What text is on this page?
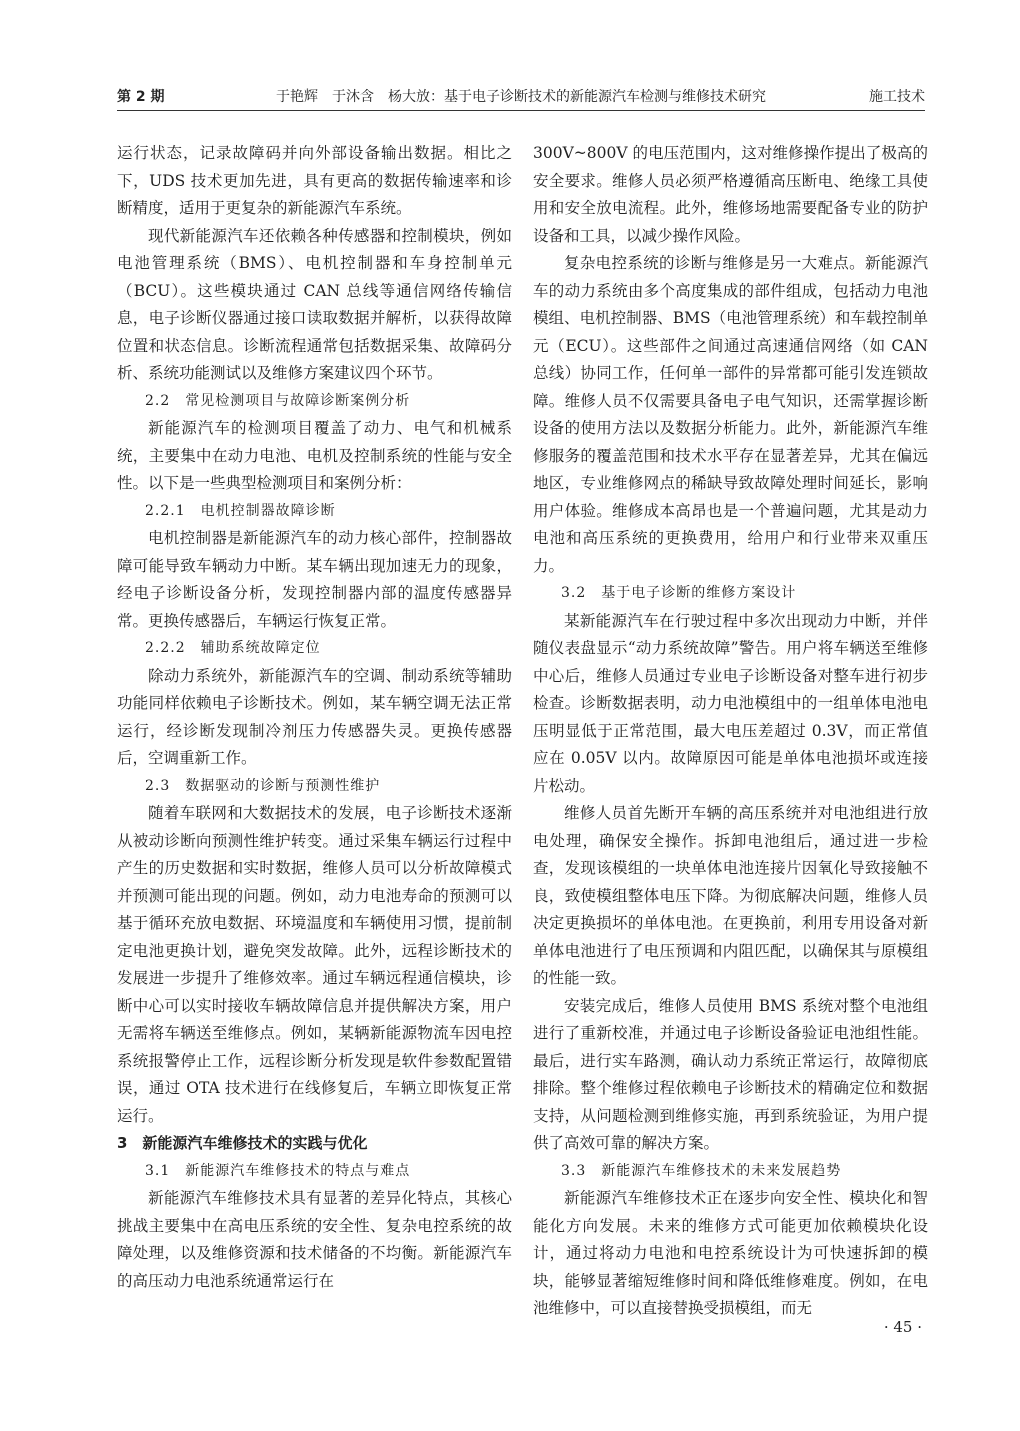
第 2 期	于艳辉　于沐含　杨大放：基于电子诊断技术的新能源汽车检测与维修技术研究	施工技术

运行状态，记录故障码并向外部设备输出数据。相比之下，UDS 技术更加先进，具有更高的数据传输速率和诊断精度，适用于更复杂的新能源汽车系统。

现代新能源汽车还依赖各种传感器和控制模块，例如电池管理系统（BMS）、电机控制器和车身控制单元（BCU）。这些模块通过 CAN 总线等通信网络传输信息，电子诊断仪器通过接口读取数据并解析，以获得故障位置和状态信息。诊断流程通常包括数据采集、故障码分析、系统功能测试以及维修方案建议四个环节。

2.2　常见检测项目与故障诊断案例分析

新能源汽车的检测项目覆盖了动力、电气和机械系统，主要集中在动力电池、电机及控制系统的性能与安全性。以下是一些典型检测项目和案例分析：

2.2.1　电机控制器故障诊断

电机控制器是新能源汽车的动力核心部件，控制器故障可能导致车辆动力中断。某车辆出现加速无力的现象，经电子诊断设备分析，发现控制器内部的温度传感器异常。更换传感器后，车辆运行恢复正常。

2.2.2　辅助系统故障定位

除动力系统外，新能源汽车的空调、制动系统等辅助功能同样依赖电子诊断技术。例如，某车辆空调无法正常运行，经诊断发现制冷剂压力传感器失灵。更换传感器后，空调重新工作。

2.3　数据驱动的诊断与预测性维护

随着车联网和大数据技术的发展，电子诊断技术逐渐从被动诊断向预测性维护转变。通过采集车辆运行过程中产生的历史数据和实时数据，维修人员可以分析故障模式并预测可能出现的问题。例如，动力电池寿命的预测可以基于循环充放电数据、环境温度和车辆使用习惯，提前制定电池更换计划，避免突发故障。此外，远程诊断技术的发展进一步提升了维修效率。通过车辆远程通信模块，诊断中心可以实时接收车辆故障信息并提供解决方案，用户无需将车辆送至维修点。例如，某辆新能源物流车因电控系统报警停止工作，远程诊断分析发现是软件参数配置错误，通过 OTA 技术进行在线修复后，车辆立即恢复正常运行。

3　新能源汽车维修技术的实践与优化

3.1　新能源汽车维修技术的特点与难点

新能源汽车维修技术具有显著的差异化特点，其核心挑战主要集中在高电压系统的安全性、复杂电控系统的故障处理，以及维修资源和技术储备的不均衡。新能源汽车的高压动力电池系统通常运行在

300V~800V 的电压范围内，这对维修操作提出了极高的安全要求。维修人员必须严格遵循高压断电、绝缘工具使用和安全放电流程。此外，维修场地需要配备专业的防护设备和工具，以减少操作风险。

复杂电控系统的诊断与维修是另一大难点。新能源汽车的动力系统由多个高度集成的部件组成，包括动力电池模组、电机控制器、BMS（电池管理系统）和车载控制单元（ECU）。这些部件之间通过高速通信网络（如 CAN 总线）协同工作，任何单一部件的异常都可能引发连锁故障。维修人员不仅需要具备电子电气知识，还需掌握诊断设备的使用方法以及数据分析能力。此外，新能源汽车维修服务的覆盖范围和技术水平存在显著差异，尤其在偏远地区，专业维修网点的稀缺导致故障处理时间延长，影响用户体验。维修成本高昂也是一个普遍问题，尤其是动力电池和高压系统的更换费用，给用户和行业带来双重压力。

3.2　基于电子诊断的维修方案设计

某新能源汽车在行驶过程中多次出现动力中断，并伴随仪表盘显示“动力系统故障”警告。用户将车辆送至维修中心后，维修人员通过专业电子诊断设备对整车进行初步检查。诊断数据表明，动力电池模组中的一组单体电池电压明显低于正常范围，最大电压差超过 0.3V，而正常值应在 0.05V 以内。故障原因可能是单体电池损坏或连接片松动。

维修人员首先断开车辆的高压系统并对电池组进行放电处理，确保安全操作。拆卸电池组后，通过进一步检查，发现该模组的一块单体电池连接片因氧化导致接触不良，致使模组整体电压下降。为彻底解决问题，维修人员决定更换损坏的单体电池。在更换前，利用专用设备对新单体电池进行了电压预调和内阻匹配，以确保其与原模组的性能一致。

安装完成后，维修人员使用 BMS 系统对整个电池组进行了重新校准，并通过电子诊断设备验证电池组性能。最后，进行实车路测，确认动力系统正常运行，故障彻底排除。整个维修过程依赖电子诊断技术的精确定位和数据支持，从问题检测到维修实施，再到系统验证，为用户提供了高效可靠的解决方案。

3.3　新能源汽车维修技术的未来发展趋势

新能源汽车维修技术正在逐步向安全性、模块化和智能化方向发展。未来的维修方式可能更加依赖模块化设计，通过将动力电池和电控系统设计为可快速拆卸的模块，能够显著缩短维修时间和降低维修难度。例如，在电池维修中，可以直接替换受损模组，而无

· 45 ·
